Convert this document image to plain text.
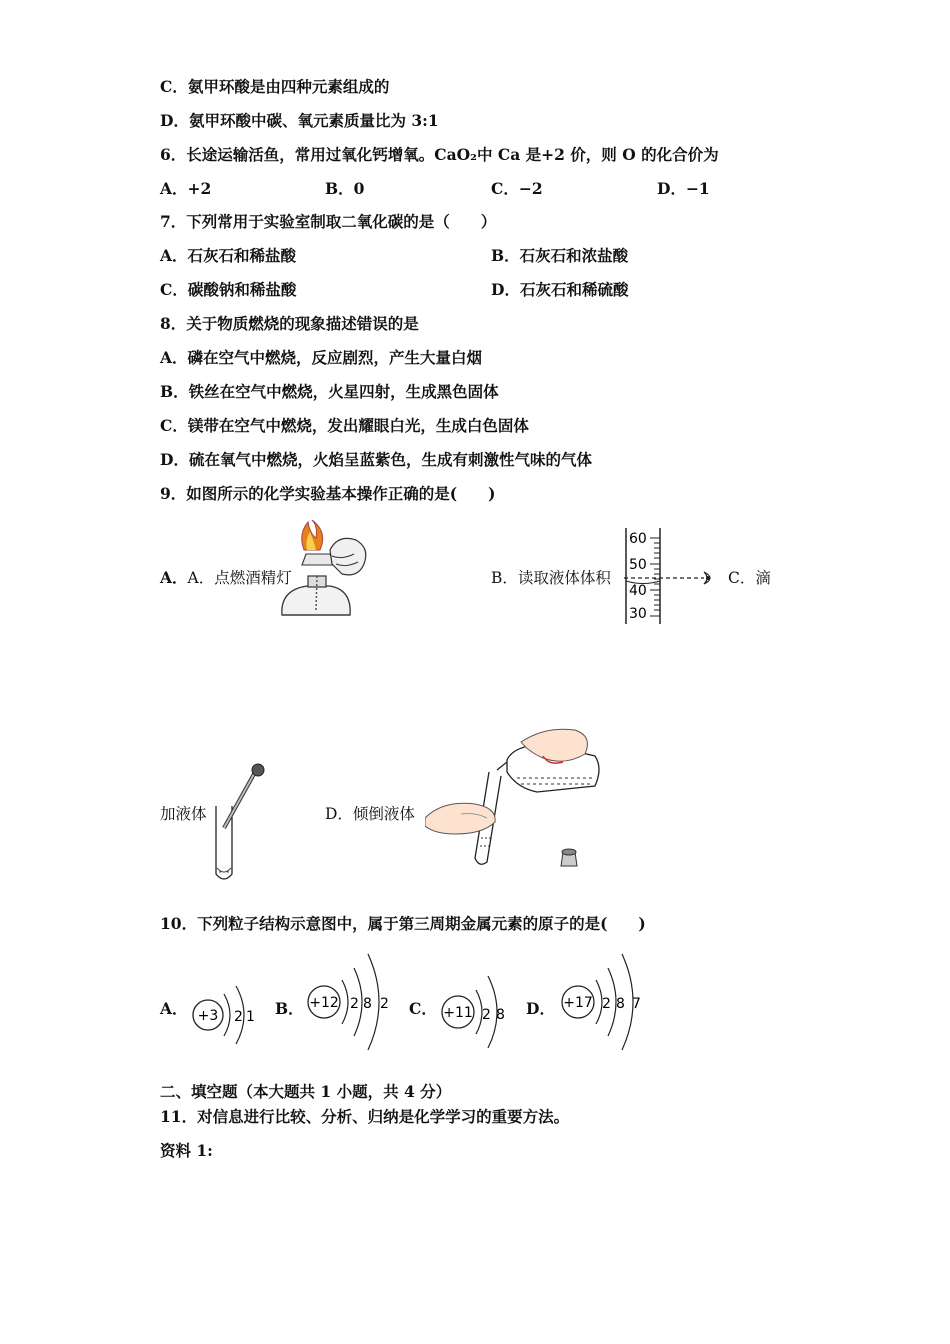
C．氨甲环酸是由四种元素组成的
D．氨甲环酸中碳、氧元素质量比为 3:1
6．长途运输活鱼，常用过氧化钙增氧。CaO₂中 Ca 是+2 价，则 O 的化合价为
A．+2	B．0	C．−2	D．−1
7．下列常用于实验室制取二氧化碳的是（　　）
A．石灰石和稀盐酸	B．石灰石和浓盐酸
C．碳酸钠和稀盐酸	D．石灰石和稀硫酸
8．关于物质燃烧的现象描述错误的是
A．磷在空气中燃烧，反应剧烈，产生大量白烟
B．铁丝在空气中燃烧，火星四射，生成黑色固体
C．镁带在空气中燃烧，发出耀眼白光，生成白色固体
D．硫在氧气中燃烧，火焰呈蓝紫色，生成有刺激性气味的气体
9．如图所示的化学实验基本操作正确的是(　　)
A．A．点燃酒精灯	B．读取液体体积	C．滴
加液体	D．倾倒液体
60
50
40
30
10．下列粒子结构示意图中，属于第三周期金属元素的原子的是(　　)
A． +3 2 1 B． +12 2 8 2 C． +11 2 8 D． +17 2 8 7
二、填空题（本大题共 1 小题，共 4 分）
11．对信息进行比较、分析、归纳是化学学习的重要方法。
资料 1:
